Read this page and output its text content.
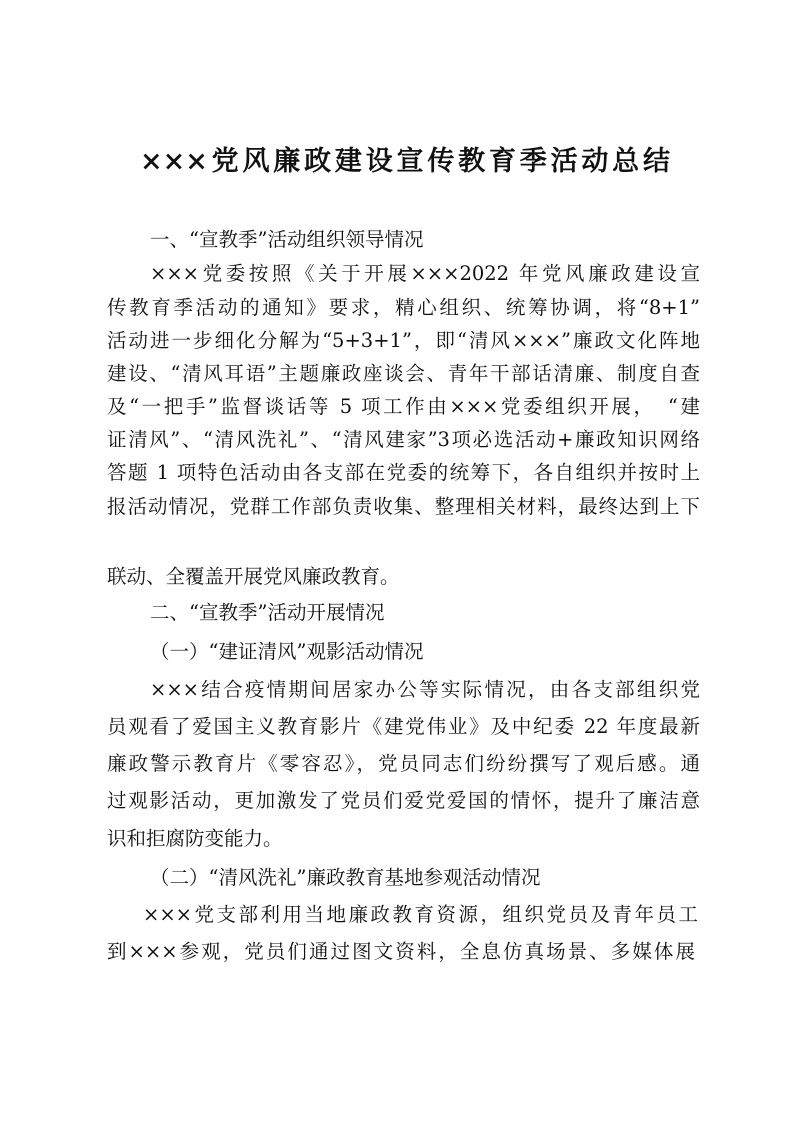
×××党风廉政建设宣传教育季活动总结
一、“宣教季”活动组织领导情况
×××党委按照《关于开展×××2022 年党风廉政建设宣
传教育季活动的通知》要求，精心组织、统筹协调，将“8+1”
活动进一步细化分解为“5+3+1”，即“清风×××”廉政文化阵地
建设、“清风耳语”主题廉政座谈会、青年干部话清廉、制度自查
及“一把手”监督谈话等 5 项工作由×××党委组织开展，　“建
证清风”、“清风洗礼”、“清风建家”3项必选活动+廉政知识网络
答题 1 项特色活动由各支部在党委的统筹下，各自组织并按时上
报活动情况，党群工作部负责收集、整理相关材料，最终达到上下
联动、全覆盖开展党风廉政教育。
二、“宣教季”活动开展情况
（一）“建证清风”观影活动情况
×××结合疫情期间居家办公等实际情况，由各支部组织党
员观看了爱国主义教育影片《建党伟业》及中纪委 22 年度最新
廉政警示教育片《零容忍》，党员同志们纷纷撰写了观后感。通
过观影活动，更加激发了党员们爱党爱国的情怀，提升了廉洁意
识和拒腐防变能力。
（二）“清风洗礼”廉政教育基地参观活动情况
×××党支部利用当地廉政教育资源，组织党员及青年员工
到×××参观，党员们通过图文资料，全息仿真场景、多媒体展
